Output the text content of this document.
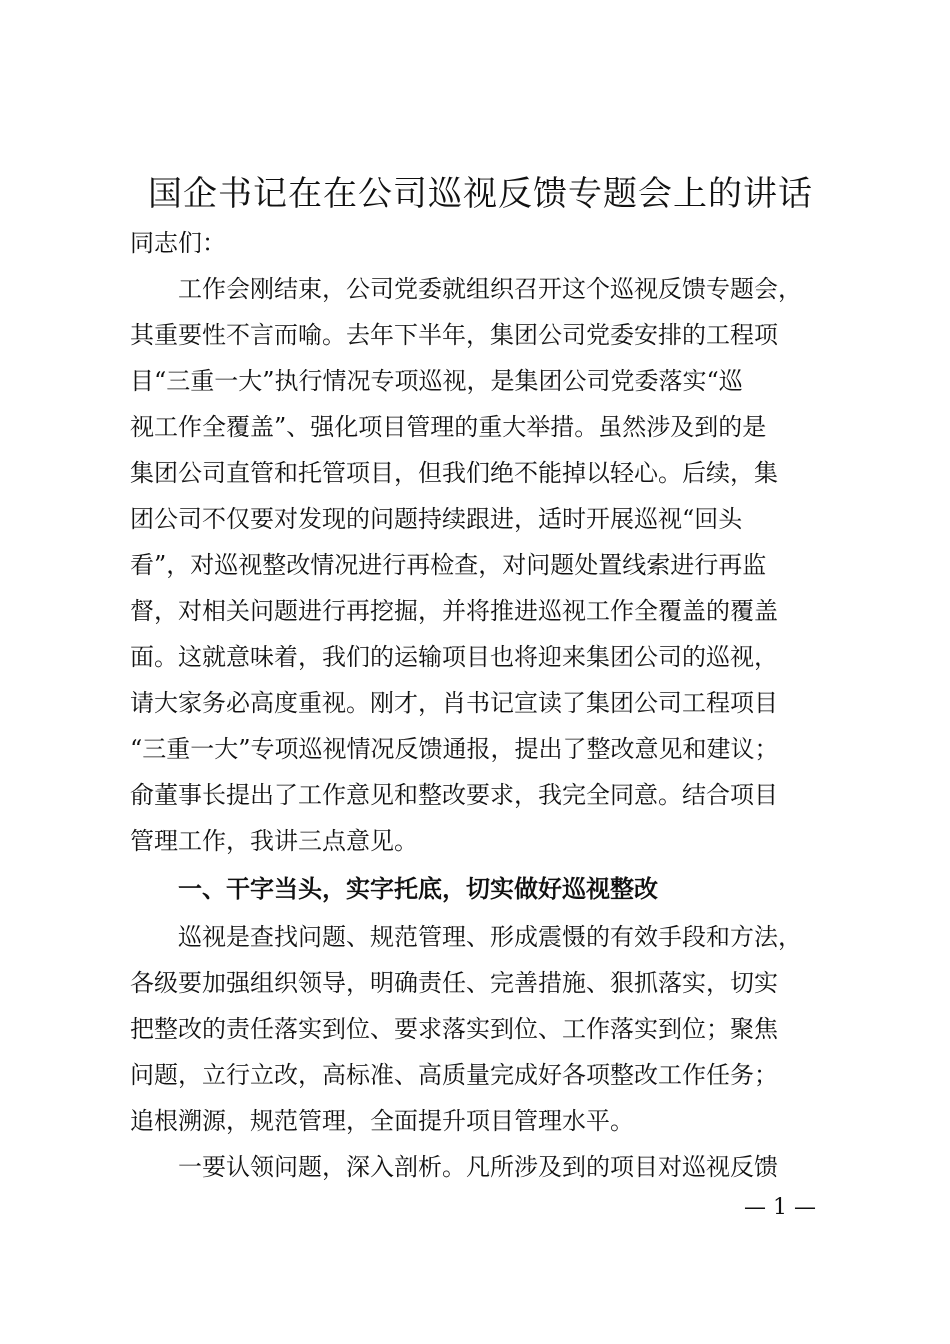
国企书记在在公司巡视反馈专题会上的讲话
同志们：
工作会刚结束，公司党委就组织召开这个巡视反馈专题会，
其重要性不言而喻。去年下半年，集团公司党委安排的工程项
目“三重一大”执行情况专项巡视，是集团公司党委落实“巡
视工作全覆盖”、强化项目管理的重大举措。虽然涉及到的是
集团公司直管和托管项目，但我们绝不能掉以轻心。后续，集
团公司不仅要对发现的问题持续跟进，适时开展巡视“回头
看”，对巡视整改情况进行再检查，对问题处置线索进行再监
督，对相关问题进行再挖掘，并将推进巡视工作全覆盖的覆盖
面。这就意味着，我们的运输项目也将迎来集团公司的巡视，
请大家务必高度重视。刚才，肖书记宣读了集团公司工程项目
“三重一大”专项巡视情况反馈通报，提出了整改意见和建议；
俞董事长提出了工作意见和整改要求，我完全同意。结合项目
管理工作，我讲三点意见。
一、干字当头，实字托底，切实做好巡视整改
巡视是查找问题、规范管理、形成震慑的有效手段和方法，
各级要加强组织领导，明确责任、完善措施、狠抓落实，切实
把整改的责任落实到位、要求落实到位、工作落实到位；聚焦
问题，立行立改，高标准、高质量完成好各项整改工作任务；
追根溯源，规范管理，全面提升项目管理水平。
一要认领问题，深入剖析。凡所涉及到的项目对巡视反馈
— 1 —
